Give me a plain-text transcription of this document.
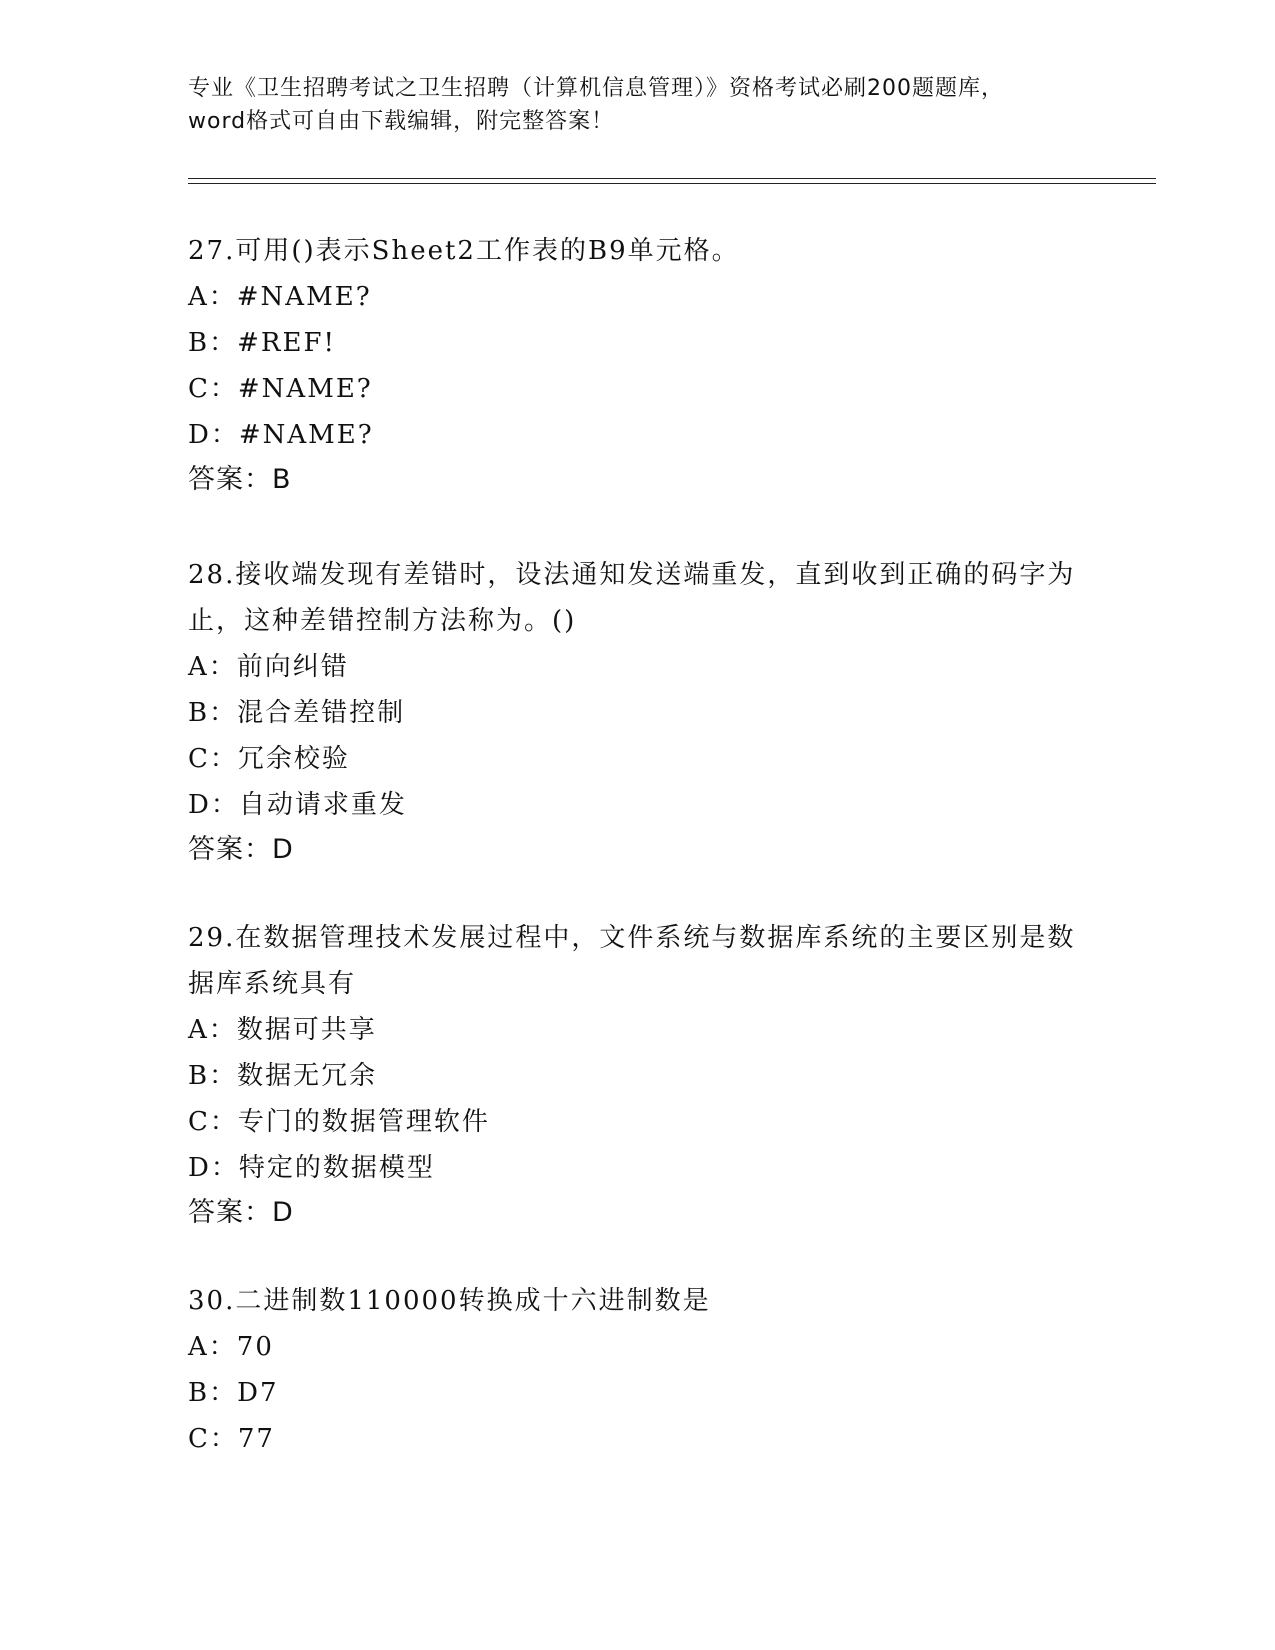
专业《卫生招聘考试之卫生招聘（计算机信息管理）》资格考试必刷200题题库，
word格式可自由下载编辑，附完整答案！
27.可用()表示Sheet2工作表的B9单元格。
A：#NAME?
B：#REF!
C：#NAME?
D：#NAME?
答案：B
28.接收端发现有差错时，设法通知发送端重发，直到收到正确的码字为止，这种差错控制方法称为。()
A：前向纠错
B：混合差错控制
C：冗余校验
D：自动请求重发
答案：D
29.在数据管理技术发展过程中，文件系统与数据库系统的主要区别是数据库系统具有
A：数据可共享
B：数据无冗余
C：专门的数据管理软件
D：特定的数据模型
答案：D
30.二进制数110000转换成十六进制数是
A：70
B：D7
C：77
